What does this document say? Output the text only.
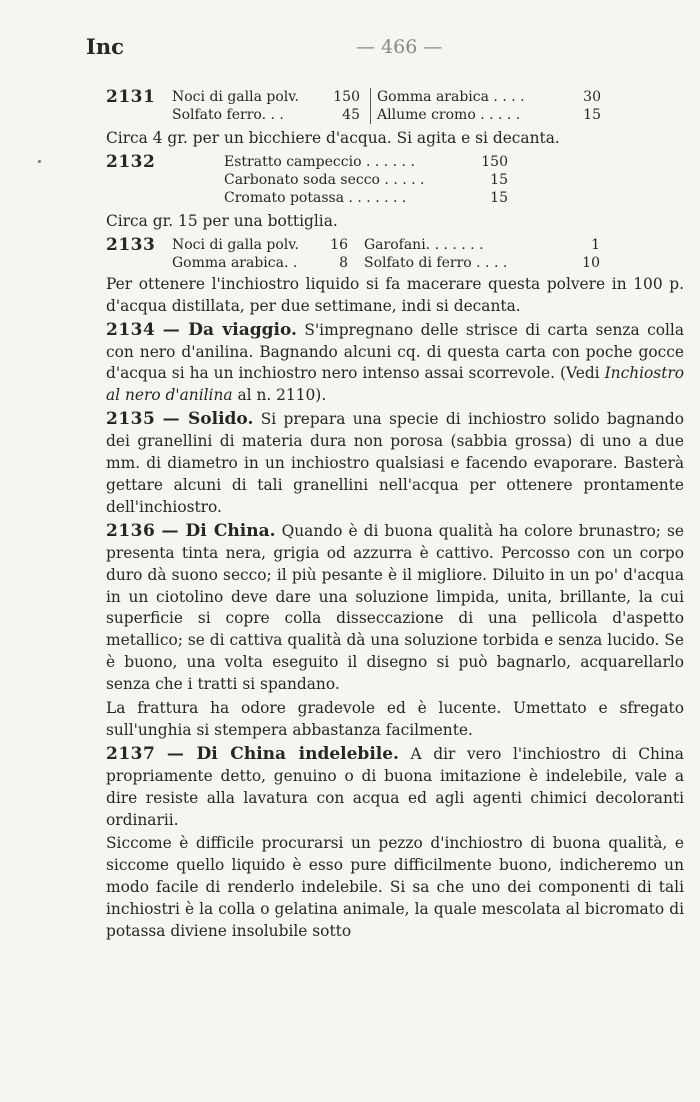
Inc	— 466 —
2131	Noci di galla polv.	150	Gomma arabica . . . .	30
Solfato ferro. . .	45	Allume cromo . . . . .	15

Circa 4 gr. per un bicchiere d'acqua. Si agita e si decanta.

2132	Estratto campeccio . . . . . .	150
Carbonato soda secco . . . . .	15
Cromato potassa . . . . . . .	15

Circa gr. 15 per una bottiglia.

2133	Noci di galla polv.	16	Garofani. . . . . . .	1
Gomma arabica. .	8	Solfato di ferro . . . .	10

Per ottenere l'inchiostro liquido si fa macerare questa polvere in 100 p. d'acqua distillata, per due settimane, indi si decanta.

2134 — Da viaggio. S'impregnano delle strisce di carta senza colla con nero d'anilina. Bagnando alcuni cq. di questa carta con poche gocce d'acqua si ha un inchiostro nero intenso assai scorrevole. (Vedi Inchiostro al nero d'anilina al n. 2110).

2135 — Solido. Si prepara una specie di inchiostro solido bagnando dei granellini di materia dura non porosa (sabbia grossa) di uno a due mm. di diametro in un inchiostro qualsiasi e facendo evaporare. Basterà gettare alcuni di tali granellini nell'acqua per ottenere prontamente dell'inchiostro.

2136 — Di China. Quando è di buona qualità ha colore brunastro; se presenta tinta nera, grigia od azzurra è cattivo. Percosso con un corpo duro dà suono secco; il più pesante è il migliore. Diluito in un po' d'acqua in un ciotolino deve dare una soluzione limpida, unita, brillante, la cui superficie si copre colla disseccazione di una pellicola d'aspetto metallico; se di cattiva qualità dà una soluzione torbida e senza lucido. Se è buono, una volta eseguito il disegno si può bagnarlo, acquarellarlo senza che i tratti si spandano.

La frattura ha odore gradevole ed è lucente. Umettato e sfregato sull'unghia si stempera abbastanza facilmente.

2137 — Di China indelebile. A dir vero l'inchiostro di China propriamente detto, genuino o di buona imitazione è indelebile, vale a dire resiste alla lavatura con acqua ed agli agenti chimici decoloranti ordinarii.

Siccome è difficile procurarsi un pezzo d'inchiostro di buona qualità, e siccome quello liquido è esso pure difficilmente buono, indicheremo un modo facile di renderlo indelebile. Si sa che uno dei componenti di tali inchiostri è la colla o gelatina animale, la quale mescolata al bicromato di potassa diviene insolubile sotto
